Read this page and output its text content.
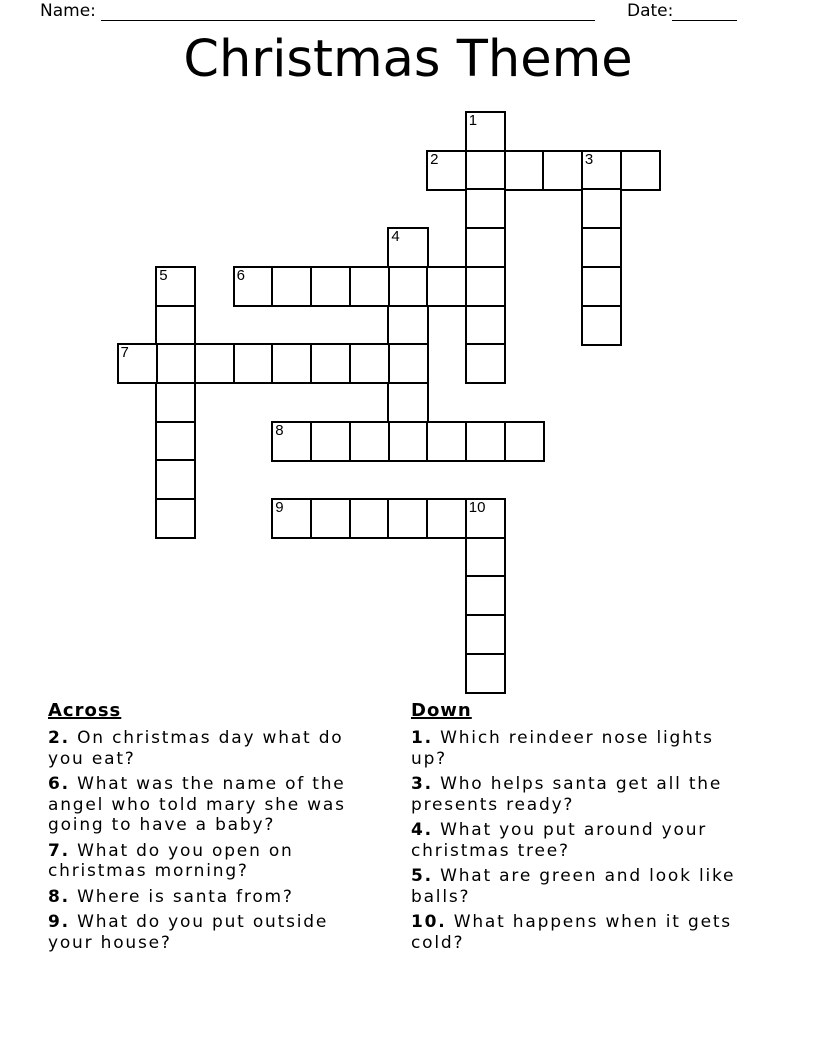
Name:	Date:
Christmas Theme
1
2	3
4
5	6
7
8
9	10
Across

2. On christmas day what do you eat?

6. What was the name of the angel who told mary she was going to have a baby?

7. What do you open on christmas morning?

8. Where is santa from?

9. What do you put outside your house?

Down

1. Which reindeer nose lights up?

3. Who helps santa get all the presents ready?

4. What you put around your christmas tree?

5. What are green and look like balls?

10. What happens when it gets cold?
